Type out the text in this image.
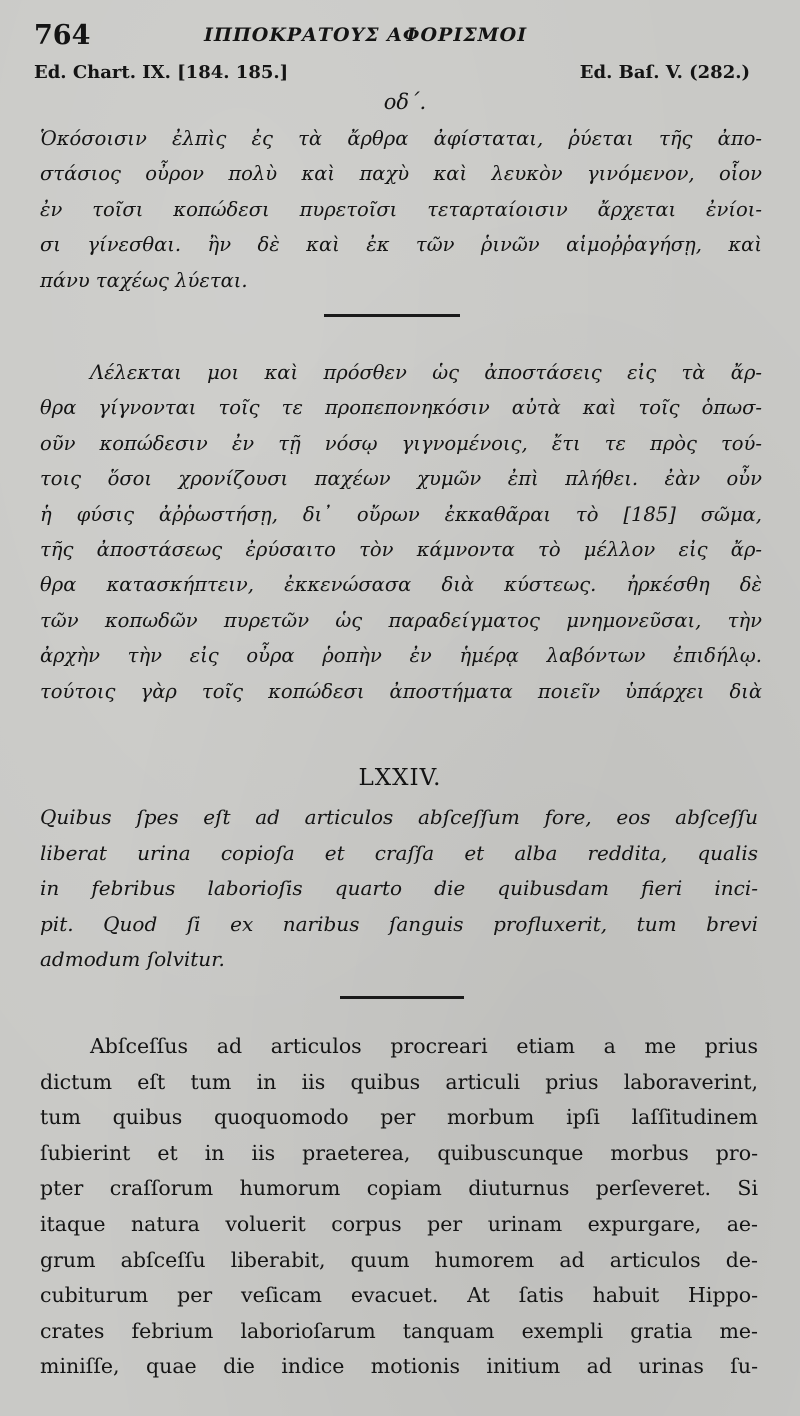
764	ΙΠΠΟΚΡΑΤΟΥΣ ΑΦΟΡΙΣΜΟΙ
Ed. Chart. IX. [184. 185.]	Ed. Baſ. V. (282.)
οδ΄.
Ὁκόσοισιν ἐλπὶς ἐς τὰ ἄρθρα ἀφίσταται, ῥύεται τῆς ἀπο-
στάσιος οὖρον πολὺ καὶ παχὺ καὶ λευκὸν γινόμενον, οἷον
ἐν τοῖσι κοπώδεσι πυρετοῖσι τεταρταίοισιν ἄρχεται ἐνίοι-
σι γίνεσθαι. ἢν δὲ καὶ ἐκ τῶν ῥινῶν αἱμοῤῥαγήσῃ, καὶ
πάνυ ταχέως λύεται.
Λέλεκται μοι καὶ πρόσθεν ὡς ἀποστάσεις εἰς τὰ ἄρ-
θρα γίγνονται τοῖς τε προπεπονηκόσιν αὐτὰ καὶ τοῖς ὁπωσ-
οῦν κοπώδεσιν ἐν τῇ νόσῳ γιγνομένοις, ἔτι τε πρὸς τού-
τοις ὅσοι χρονίζουσι παχέων χυμῶν ἐπὶ πλήθει. ἐὰν οὖν
ἡ φύσις ἀῤῥωστήσῃ, δι᾿ οὔρων ἐκκαθᾶραι τὸ [185] σῶμα,
τῆς ἀποστάσεως ἐρύσαιτο τὸν κάμνοντα τὸ μέλλον εἰς ἄρ-
θρα κατασκήπτειν, ἐκκενώσασα διὰ κύστεως. ἠρκέσθη δὲ
τῶν κοπωδῶν πυρετῶν ὡς παραδείγματος μνημονεῦσαι, τὴν
ἀρχὴν τὴν εἰς οὖρα ῥοπὴν ἐν ἡμέρᾳ λαβόντων ἐπιδήλῳ.
τούτοις γὰρ τοῖς κοπώδεσι ἀποστήματα ποιεῖν ὑπάρχει διὰ
LXXIV.
Quibus ſpes eſt ad articulos abſceſſum fore, eos abſceſſu
liberat urina copioſa et craſſa et alba reddita, qualis
in febribus laborioſis quarto die quibusdam fieri inci-
pit. Quod ſi ex naribus ſanguis profluxerit, tum brevi
admodum ſolvitur.
Abſceſſus ad articulos procreari etiam a me prius
dictum eſt tum in iis quibus articuli prius laboraverint,
tum quibus quoquomodo per morbum ipſi laſſitudinem
ſubierint et in iis praeterea, quibuscunque morbus pro-
pter craſſorum humorum copiam diuturnus perſeveret. Si
itaque natura voluerit corpus per urinam expurgare, ae-
grum abſceſſu liberabit, quum humorem ad articulos de-
cubiturum per veſicam evacuet. At ſatis habuit Hippo-
crates febrium laborioſarum tanquam exempli gratia me-
miniſſe, quae die indice motionis initium ad urinas ſu-
